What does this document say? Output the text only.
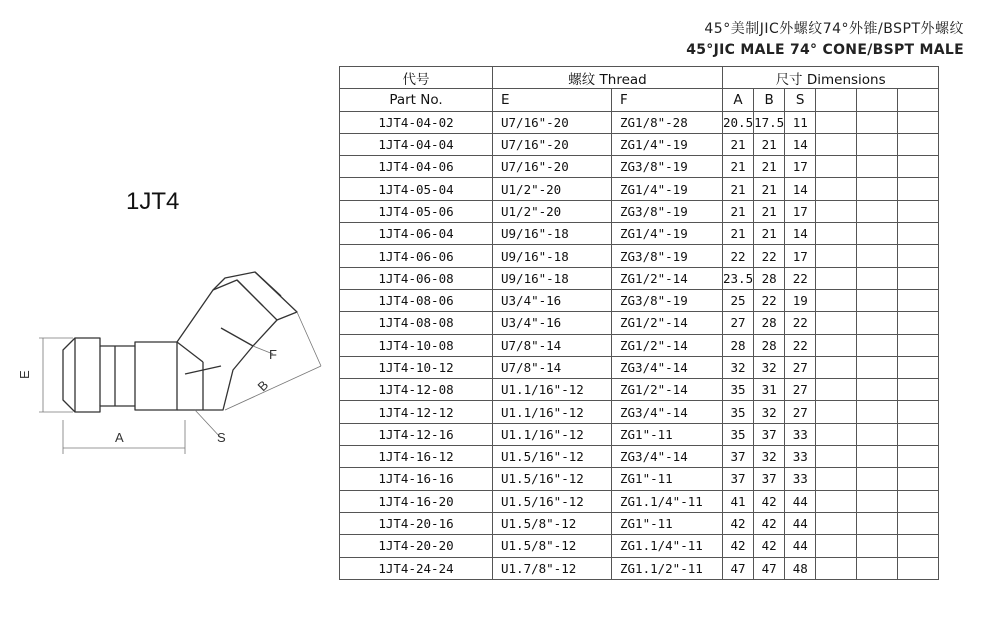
45°美制JIC外螺纹74°外锥/BSPT外螺纹
45°JIC MALE 74° CONE/BSPT MALE
1JT4
E
A
F
B
S
代号	螺纹 Thread		尺寸 Dimensions					
Part No.	E	F	A	B	S			
1JT4-04-02	U7/16"-20	ZG1/8"-28	20.5	17.5	11			
1JT4-04-04	U7/16"-20	ZG1/4"-19	21	21	14			
1JT4-04-06	U7/16"-20	ZG3/8"-19	21	21	17			
1JT4-05-04	U1/2"-20	ZG1/4"-19	21	21	14			
1JT4-05-06	U1/2"-20	ZG3/8"-19	21	21	17			
1JT4-06-04	U9/16"-18	ZG1/4"-19	21	21	14			
1JT4-06-06	U9/16"-18	ZG3/8"-19	22	22	17			
1JT4-06-08	U9/16"-18	ZG1/2"-14	23.5	28	22			
1JT4-08-06	U3/4"-16	ZG3/8"-19	25	22	19			
1JT4-08-08	U3/4"-16	ZG1/2"-14	27	28	22			
1JT4-10-08	U7/8"-14	ZG1/2"-14	28	28	22			
1JT4-10-12	U7/8"-14	ZG3/4"-14	32	32	27			
1JT4-12-08	U1.1/16"-12	ZG1/2"-14	35	31	27			
1JT4-12-12	U1.1/16"-12	ZG3/4"-14	35	32	27			
1JT4-12-16	U1.1/16"-12	ZG1"-11	35	37	33			
1JT4-16-12	U1.5/16"-12	ZG3/4"-14	37	32	33			
1JT4-16-16	U1.5/16"-12	ZG1"-11	37	37	33			
1JT4-16-20	U1.5/16"-12	ZG1.1/4"-11	41	42	44			
1JT4-20-16	U1.5/8"-12	ZG1"-11	42	42	44			
1JT4-20-20	U1.5/8"-12	ZG1.1/4"-11	42	42	44			
1JT4-24-24	U1.7/8"-12	ZG1.1/2"-11	47	47	48			
